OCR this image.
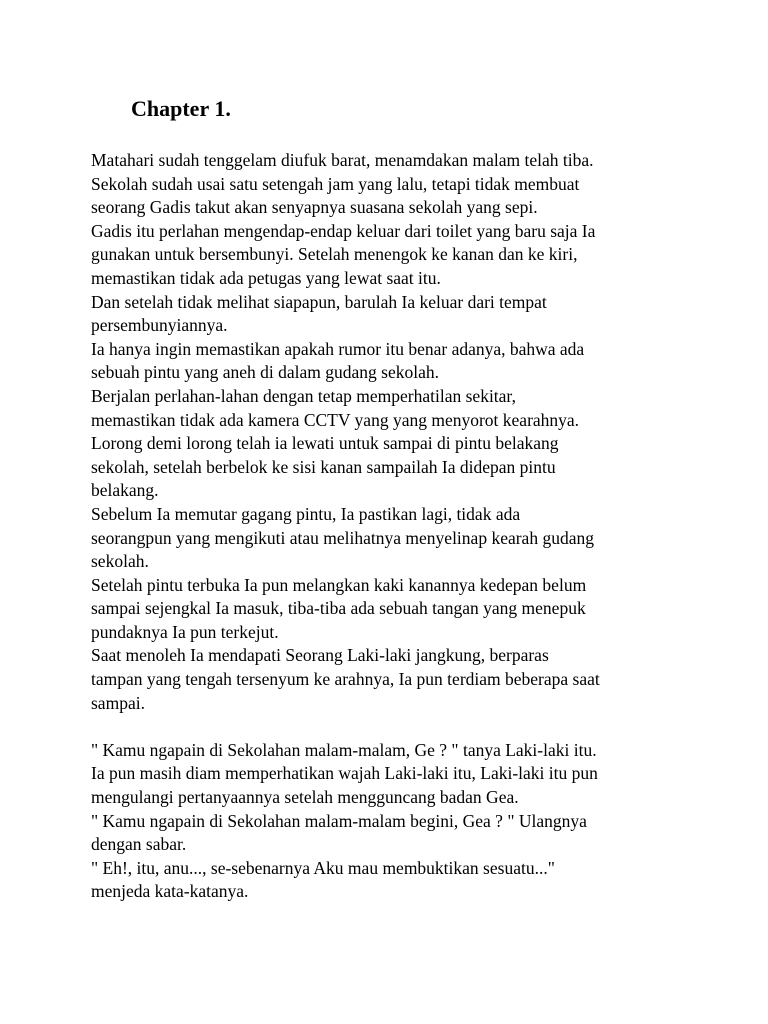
Chapter 1.
Matahari sudah tenggelam diufuk barat, menamdakan malam telah tiba.
Sekolah sudah usai satu setengah jam yang lalu, tetapi tidak membuat
seorang Gadis takut akan senyapnya suasana sekolah yang sepi.
Gadis itu perlahan mengendap-endap keluar dari toilet yang baru saja Ia
gunakan untuk bersembunyi. Setelah menengok ke kanan dan ke kiri,
memastikan tidak ada petugas yang lewat saat itu.
Dan setelah tidak melihat siapapun, barulah Ia keluar dari tempat
persembunyiannya.
Ia hanya ingin memastikan apakah rumor itu benar adanya, bahwa ada
sebuah pintu yang aneh di dalam gudang sekolah.
Berjalan perlahan-lahan dengan tetap memperhatilan sekitar,
memastikan tidak ada kamera CCTV yang yang menyorot kearahnya.
Lorong demi lorong telah ia lewati untuk sampai di pintu belakang
sekolah, setelah berbelok ke sisi kanan sampailah Ia didepan pintu
belakang.
Sebelum Ia memutar gagang pintu, Ia pastikan lagi, tidak ada
seorangpun yang mengikuti atau melihatnya menyelinap kearah gudang
sekolah.
Setelah pintu terbuka Ia pun melangkan kaki kanannya kedepan belum
sampai sejengkal Ia masuk, tiba-tiba ada sebuah tangan yang menepuk
pundaknya Ia pun terkejut.
Saat menoleh Ia mendapati Seorang Laki-laki jangkung, berparas
tampan yang tengah tersenyum ke arahnya, Ia pun terdiam beberapa saat
sampai.
" Kamu ngapain di Sekolahan malam-malam, Ge ? " tanya Laki-laki itu.
Ia pun masih diam memperhatikan wajah Laki-laki itu, Laki-laki itu pun
mengulangi pertanyaannya setelah mengguncang badan Gea.
" Kamu ngapain di Sekolahan malam-malam begini, Gea ? " Ulangnya
dengan sabar.
" Eh!, itu, anu..., se-sebenarnya Aku mau membuktikan sesuatu..."
menjeda kata-katanya.
